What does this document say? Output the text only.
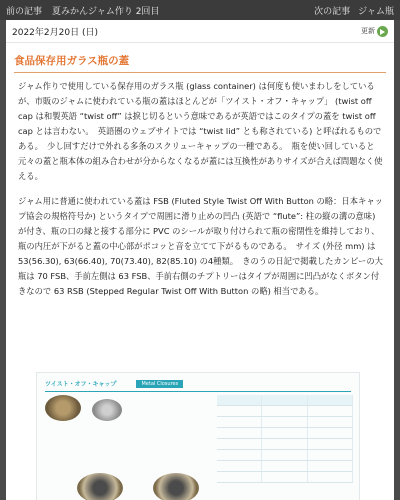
前の記事 夏みかんジャム作り 2回目	次の記事 ジャム瓶
2022年2月20日 (日)	更新
食品保存用ガラス瓶の蓋

ジャム作りで使用している保存用のガラス瓶 (glass container) は何度も使いまわしをしているが、市販のジャムに使われている瓶の蓋はほとんどが「ツイスト・オフ・キャップ」 (twist off cap は和製英語 “twist off” は捩じ切るという意味であるが英語ではこのタイプの蓋を twist off cap とは言わない。　英語圏のウェブサイトでは “twist lid” とも称されている) と呼ばれるものである。　少し回すだけで外れる多条のスクリューキャップの一種である。　瓶を使い回していると元々の蓋と瓶本体の組み合わせが分からなくなるが蓋には互換性がありサイズが合えば問題なく使える。

ジャム用に普通に使われている蓋は FSB (Fluted Style Twist Off With Button の略：日本キャップ協会の規格符号か) というタイプで周囲に滑り止めの凹凸 (英語で “flute”: 柱の縦の溝の意味) が付き、瓶の口の縁と接する部分に PVC のシールが取り付けられて瓶の密閉性を維持しており、瓶の内圧が下がると蓋の中心部がポコッと音を立てて下がるものである。　サイズ (外径 mm) は 53(56.30), 63(66.40), 70(73.40), 82(85.10) の4種類。　きのうの日記で掲載したカンピーの大瓶は 70 FSB、手前左側は 63 FSB、手前右側のチプトリーはタイプが周囲に凹凸がなくボタン付きなので 63 RSB (Stepped Regular Twist Off With Button の略) 相当である。

ツイスト・オフ・キャップ	Metal Closures
